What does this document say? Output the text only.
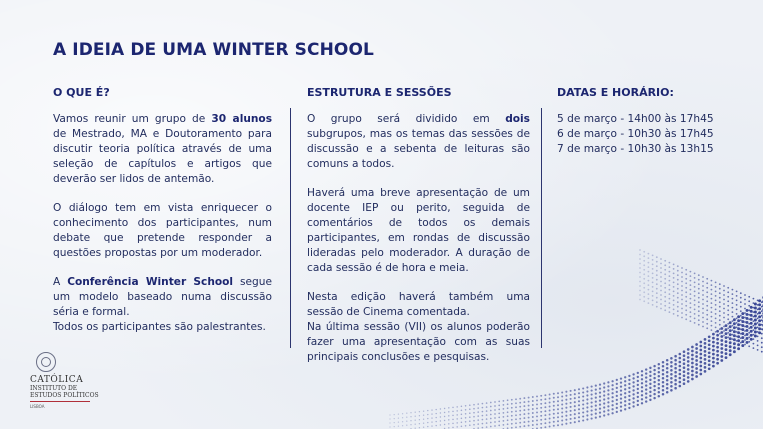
A IDEIA DE UMA WINTER SCHOOL
O QUE É?

Vamos reunir um grupo de 30 alunos de Mestrado, MA e Doutoramento para discutir teoria política através de uma seleção de capítulos e artigos que deverão ser lidos de antemão.

O diálogo tem em vista enriquecer o conhecimento dos participantes, num debate que pretende responder a questões propostas por um moderador.

A Conferência Winter School segue um modelo baseado numa discussão séria e formal.
Todos os participantes são palestrantes.

ESTRUTURA E SESSÕES

O grupo será dividido em dois subgrupos, mas os temas das sessões de discussão e a sebenta de leituras são comuns a todos.

Haverá uma breve apresentação de um docente IEP ou perito, seguida de comentários de todos os demais participantes, em rondas de discussão lideradas pelo moderador. A duração de cada sessão é de hora e meia.

Nesta edição haverá também uma sessão de Cinema comentada.
Na última sessão (VII) os alunos poderão fazer uma apresentação com as suas principais conclusões e pesquisas.

DATAS E HORÁRIO:
5 de março - 14h00 às 17h45
6 de março - 10h30 às 17h45
7 de março - 10h30 às 13h15
CATÓLICA
INSTITUTO DE
ESTUDOS POLÍTICOS
LISBOA
